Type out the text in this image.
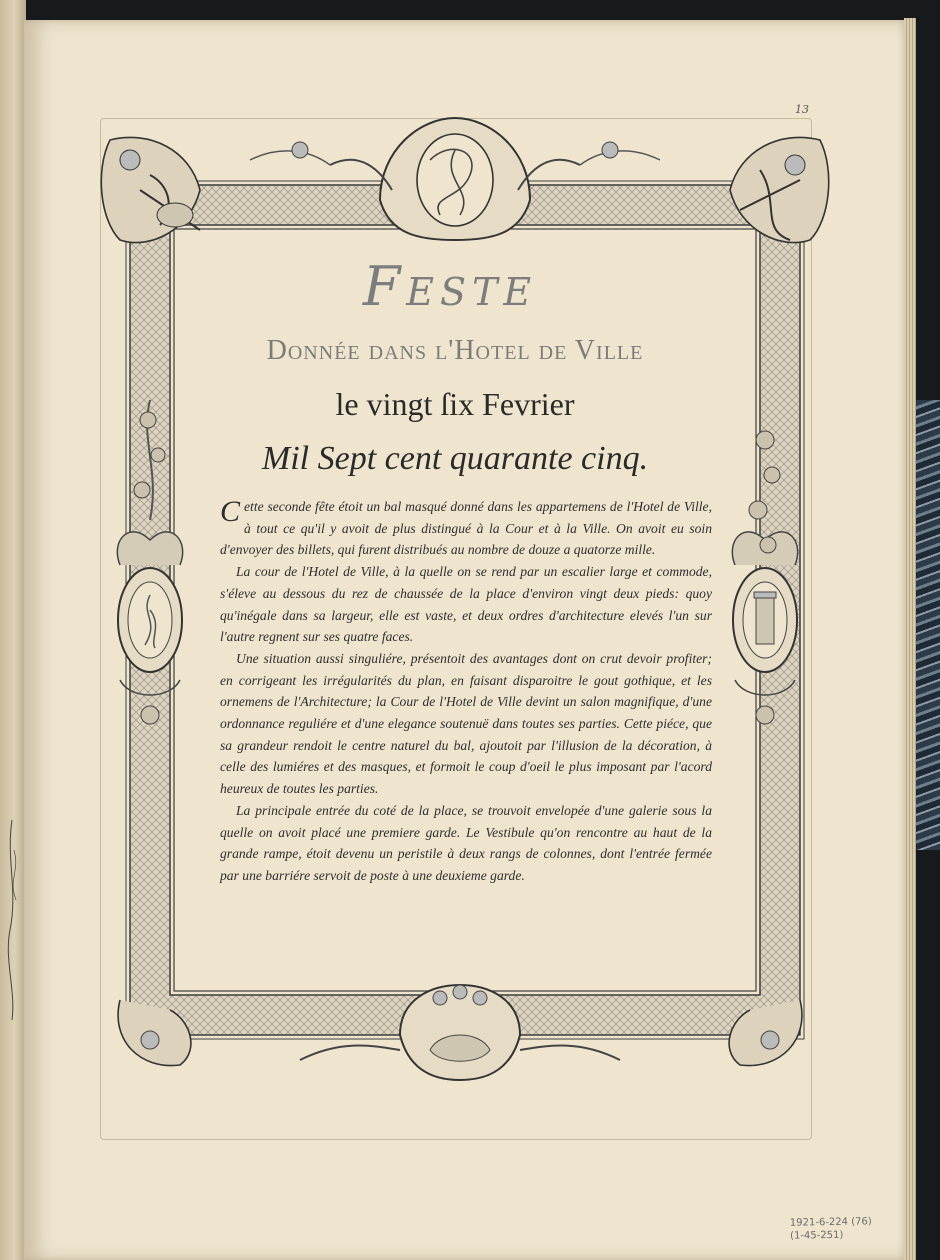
13
Feste
Donnée dans l'Hotel de Ville
le vingt ſix Fevrier
Mil Sept cent quarante cinq.

Cette seconde fête étoit un bal masqué donné dans les appartemens de l'Hotel de Ville, à tout ce qu'il y avoit de plus distingué à la Cour et à la Ville. On avoit eu soin d'envoyer des billets, qui furent distribués au nombre de douze a quatorze mille.

La cour de l'Hotel de Ville, à la quelle on se rend par un escalier large et commode, s'éleve au dessous du rez de chaussée de la place d'environ vingt deux pieds: quoy qu'inégale dans sa largeur, elle est vaste, et deux ordres d'architecture elevés l'un sur l'autre regnent sur ses quatre faces.

Une situation aussi singuliére, présentoit des avantages dont on crut devoir profiter; en corrigeant les irrégularités du plan, en faisant disparoitre le gout gothique, et les ornemens de l'Architecture; la Cour de l'Hotel de Ville devint un salon magnifique, d'une ordonnance reguliére et d'une elegance soutenuë dans toutes ses parties. Cette piéce, que sa grandeur rendoit le centre naturel du bal, ajoutoit par l'illusion de la décoration, à celle des lumiéres et des masques, et formoit le coup d'oeil le plus imposant par l'acord heureux de toutes les parties.

La principale entrée du coté de la place, se trouvoit envelopée d'une galerie sous la quelle on avoit placé une premiere garde. Le Vestibule qu'on rencontre au haut de la grande rampe, étoit devenu un peristile à deux rangs de colonnes, dont l'entrée fermée par une barriére servoit de poste à une deuxieme garde.

1921-6-224 (76)
(1-45-251)
